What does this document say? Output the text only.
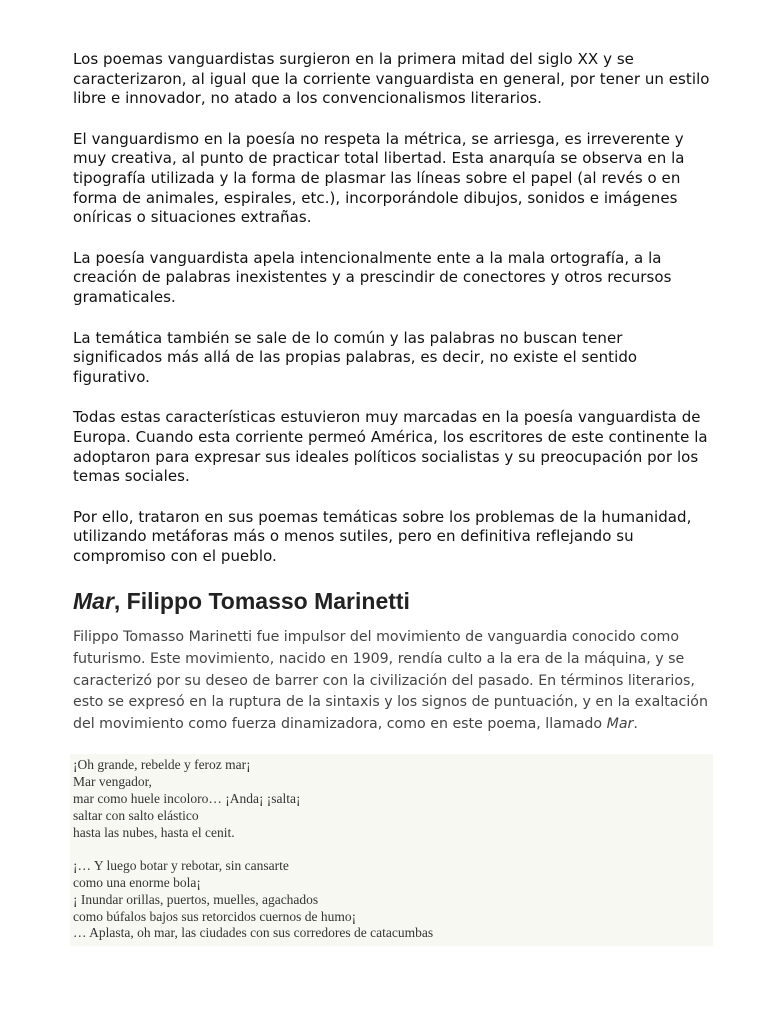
Los poemas vanguardistas surgieron en la primera mitad del siglo XX y se caracterizaron, al igual que la corriente vanguardista en general, por tener un estilo libre e innovador, no atado a los convencionalismos literarios.

El vanguardismo en la poesía no respeta la métrica, se arriesga, es irreverente y muy creativa, al punto de practicar total libertad. Esta anarquía se observa en la tipografía utilizada y la forma de plasmar las líneas sobre el papel (al revés o en forma de animales, espirales, etc.), incorporándole dibujos, sonidos e imágenes oníricas o situaciones extrañas.

La poesía vanguardista apela intencionalmente ente a la mala ortografía, a la creación de palabras inexistentes y a prescindir de conectores y otros recursos gramaticales.

La temática también se sale de lo común y las palabras no buscan tener significados más allá de las propias palabras, es decir, no existe el sentido figurativo.

Todas estas características estuvieron muy marcadas en la poesía vanguardista de Europa. Cuando esta corriente permeó América, los escritores de este continente la adoptaron para expresar sus ideales políticos socialistas y su preocupación por los temas sociales.

Por ello, trataron en sus poemas temáticas sobre los problemas de la humanidad, utilizando metáforas más o menos sutiles, pero en definitiva reflejando su compromiso con el pueblo.

Mar, Filippo Tomasso Marinetti

Filippo Tomasso Marinetti fue impulsor del movimiento de vanguardia conocido como futurismo. Este movimiento, nacido en 1909, rendía culto a la era de la máquina, y se caracterizó por su deseo de barrer con la civilización del pasado. En términos literarios, esto se expresó en la ruptura de la sintaxis y los signos de puntuación, y en la exaltación del movimiento como fuerza dinamizadora, como en este poema, llamado Mar.

¡Oh grande, rebelde y feroz mar¡
Mar vengador,
mar como huele incoloro… ¡Anda¡ ¡salta¡
saltar con salto elástico
hasta las nubes, hasta el cenit.
¡… Y luego botar y rebotar, sin cansarte
como una enorme bola¡
¡ Inundar orillas, puertos, muelles, agachados
como búfalos bajos sus retorcidos cuernos de humo¡
… Aplasta, oh mar, las ciudades con sus corredores de catacumbas
